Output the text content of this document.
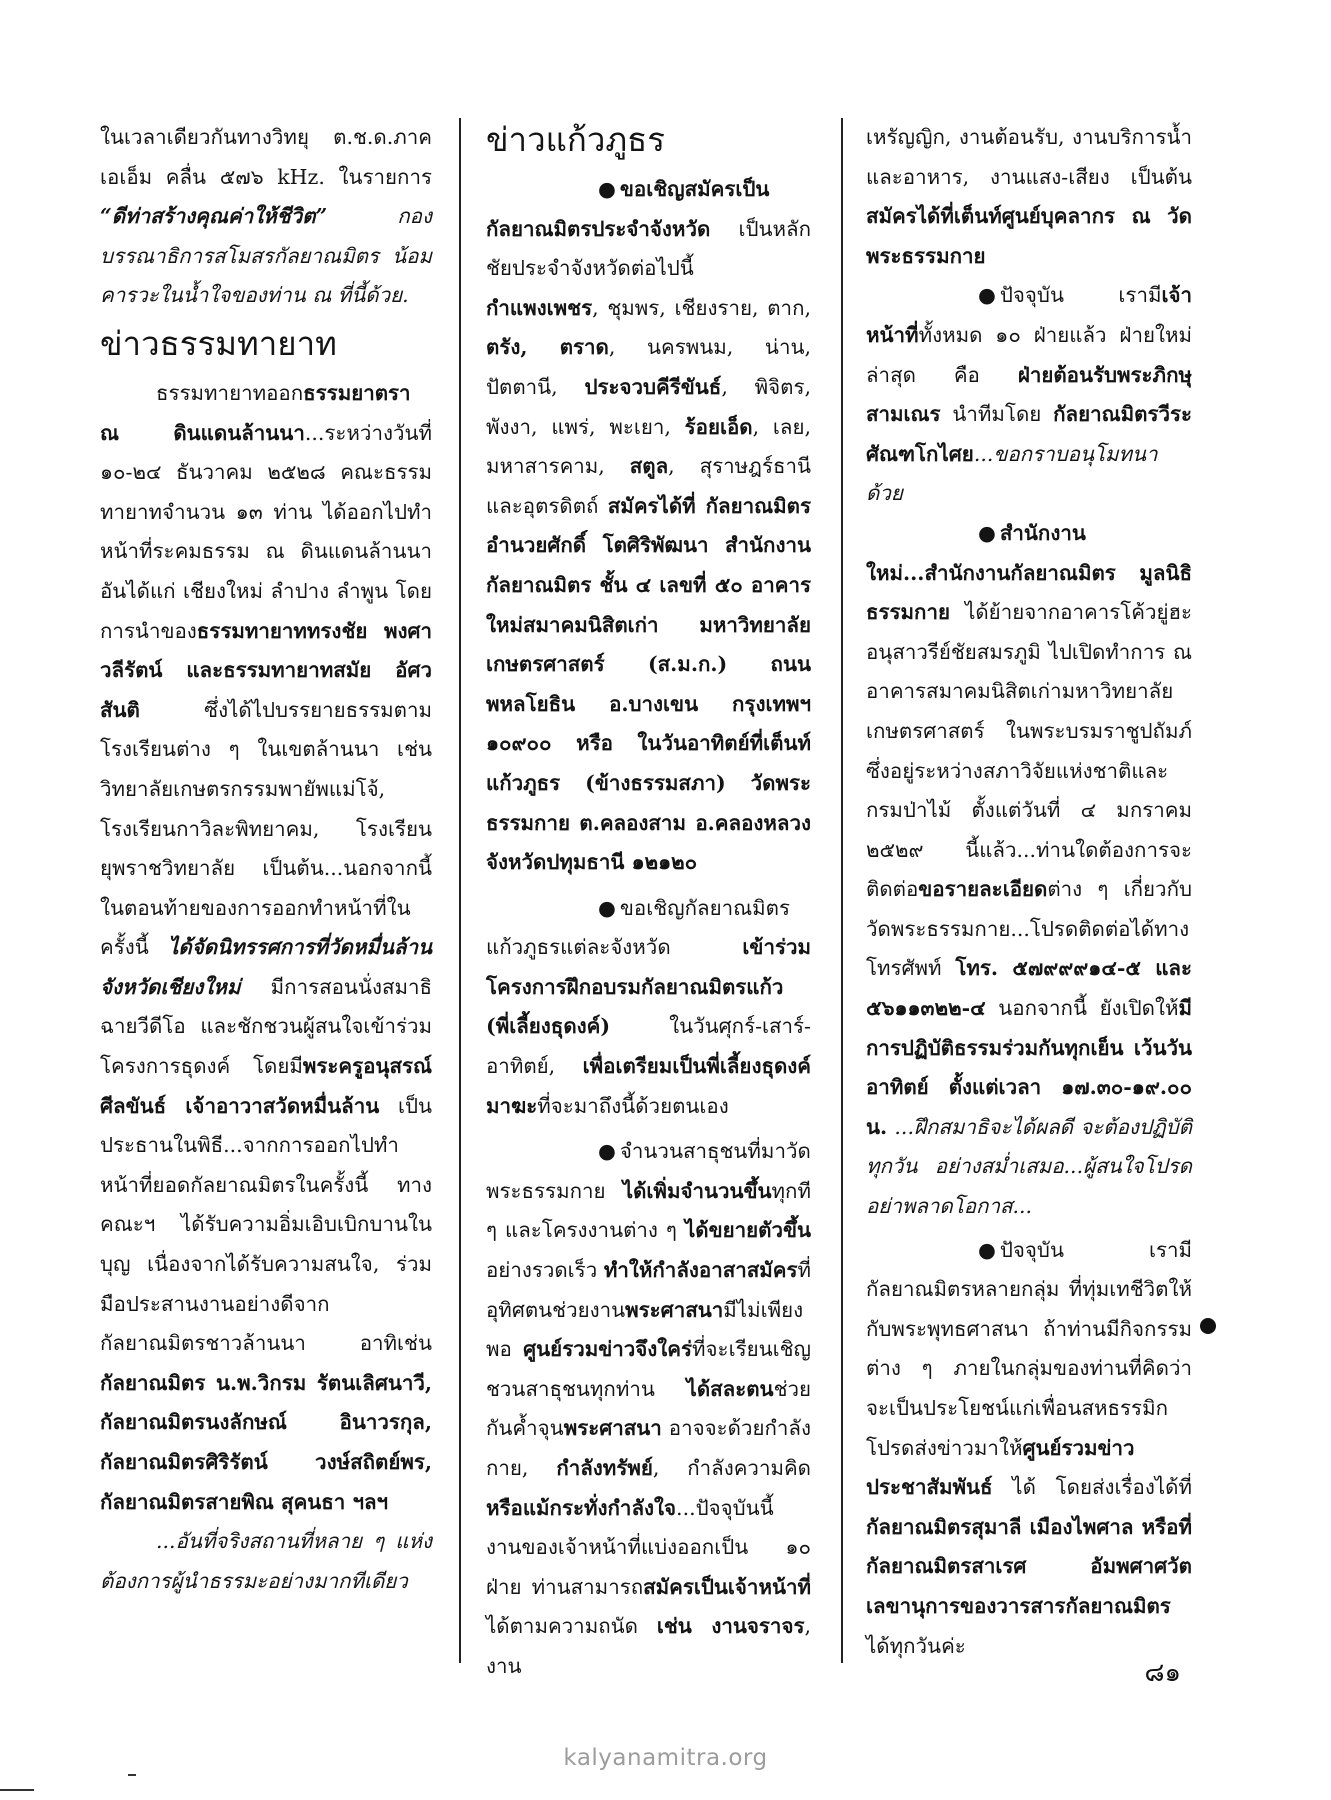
ในเวลาเดียวกันทางวิทยุ ต.ช.ด.ภาค เอเอ็ม คลื่น ๕๗๖ kHz. ในรายการ “ดีท่าสร้างคุณค่าให้ชีวิต” กองบรรณาธิการสโมสรกัลยาณมิตร น้อมคารวะในน้ำใจของท่าน ณ ที่นี้ด้วย.

ข่าวธรรมทายาท

ธรรมทายาทออกธรรมยาตรา ณ ดินแดนล้านนา...ระหว่างวันที่ ๑๐-๒๔ ธันวาคม ๒๕๒๘ คณะธรรมทายาทจำนวน ๑๓ ท่าน ได้ออกไปทำหน้าที่ระคมธรรม ณ ดินแดนล้านนา อันได้แก่ เชียงใหม่ ลำปาง ลำพูน โดยการนำของธรรมทายาททรงชัย พงศาวลีรัตน์ และธรรมทายาทสมัย อัศวสันติ ซึ่งได้ไปบรรยายธรรมตามโรงเรียนต่าง ๆ ในเขตล้านนา เช่น วิทยาลัยเกษตรกรรมพายัพแม่โจ้, โรงเรียนกาวิละพิทยาคม, โรงเรียนยุพราชวิทยาลัย เป็นต้น...นอกจากนี้ในตอนท้ายของการออกทำหน้าที่ในครั้งนี้ ได้จัดนิทรรศการที่วัดหมื่นล้าน จังหวัดเชียงใหม่ มีการสอนนั่งสมาธิ ฉายวีดีโอ และชักชวนผู้สนใจเข้าร่วมโครงการธุดงค์ โดยมีพระครูอนุสรณ์ศีลขันธ์ เจ้าอาวาสวัดหมื่นล้าน เป็นประธานในพิธี...จากการออกไปทำหน้าที่ยอดกัลยาณมิตรในครั้งนี้ ทางคณะฯ ได้รับความอิ่มเอิบเบิกบานในบุญ เนื่องจากได้รับความสนใจ, ร่วมมือประสานงานอย่างดีจากกัลยาณมิตรชาวล้านนา อาทิเช่น กัลยาณมิตร น.พ.วิกรม รัตนเลิศนาวี, กัลยาณมิตรนงลักษณ์ อินาวรกุล, กัลยาณมิตรศิริรัตน์ วงษ์สถิตย์พร, กัลยาณมิตรสายพิณ สุคนธา ฯลฯ

...อันที่จริงสถานที่หลาย ๆ แห่ง ต้องการผู้นำธรรมะอย่างมากทีเดียว

ข่าวแก้วภูธร

● ขอเชิญสมัครเป็นกัลยาณมิตรประจำจังหวัด เป็นหลักชัยประจำจังหวัดต่อไปนี้ กำแพงเพชร, ชุมพร, เชียงราย, ตาก, ตรัง, ตราด, นครพนม, น่าน, ปัตตานี, ประจวบคีรีขันธ์, พิจิตร, พังงา, แพร่, พะเยา, ร้อยเอ็ด, เลย, มหาสารคาม, สตูล, สุราษฎร์ธานี และอุตรดิตถ์ สมัครได้ที่ กัลยาณมิตรอำนวยศักดิ์ โตศิริพัฒนา สำนักงานกัลยาณมิตร ชั้น ๔ เลขที่ ๕๐ อาคารใหม่สมาคมนิสิตเก่า มหาวิทยาลัยเกษตรศาสตร์ (ส.ม.ก.) ถนนพหลโยธิน อ.บางเขน กรุงเทพฯ ๑๐๙๐๐ หรือ ในวันอาทิตย์ที่เต็นท์แก้วภูธร (ข้างธรรมสภา) วัดพระธรรมกาย ต.คลองสาม อ.คลองหลวง จังหวัดปทุมธานี ๑๒๑๒๐

● ขอเชิญกัลยาณมิตรแก้วภูธรแต่ละจังหวัด เข้าร่วมโครงการฝึกอบรมกัลยาณมิตรแก้ว (พี่เลี้ยงธุดงค์) ในวันศุกร์-เสาร์-อาทิตย์, เพื่อเตรียมเป็นพี่เลี้ยงธุดงค์มาฆะที่จะมาถึงนี้ด้วยตนเอง

● จำนวนสาธุชนที่มาวัดพระธรรมกาย ได้เพิ่มจำนวนขึ้นทุกที ๆ และโครงงานต่าง ๆ ได้ขยายตัวขึ้นอย่างรวดเร็ว ทำให้กำลังอาสาสมัครที่อุทิศตนช่วยงานพระศาสนามีไม่เพียงพอ ศูนย์รวมข่าวจึงใคร่ที่จะเรียนเชิญชวนสาธุชนทุกท่าน ได้สละตนช่วยกันค้ำจุนพระศาสนา อาจจะด้วยกำลังกาย, กำลังทรัพย์, กำลังความคิด หรือแม้กระทั่งกำลังใจ...ปัจจุบันนี้ งานของเจ้าหน้าที่แบ่งออกเป็น ๑๐ ฝ่าย ท่านสามารถสมัครเป็นเจ้าหน้าที่ได้ตามความถนัด เช่น งานจราจร, งาน

เหรัญญิก, งานต้อนรับ, งานบริการน้ำและอาหาร, งานแสง-เสียง เป็นต้น สมัครได้ที่เต็นท์ศูนย์บุคลากร ณ วัดพระธรรมกาย

● ปัจจุบัน เรามีเจ้าหน้าที่ทั้งหมด ๑๐ ฝ่ายแล้ว ฝ่ายใหม่ล่าสุด คือ ฝ่ายต้อนรับพระภิกษุสามเณร นำทีมโดย กัลยาณมิตรวีระ ศัณฑโกไศย...ขอกราบอนุโมทนาด้วย

● สำนักงานใหม่...สำนักงานกัลยาณมิตร มูลนิธิธรรมกาย ได้ย้ายจากอาคารโค้วยู่ฮะ อนุสาวรีย์ชัยสมรภูมิ ไปเปิดทำการ ณ อาคารสมาคมนิสิตเก่ามหาวิทยาลัยเกษตรศาสตร์ ในพระบรมราชูปถัมภ์ ซึ่งอยู่ระหว่างสภาวิจัยแห่งชาติและกรมป่าไม้ ตั้งแต่วันที่ ๔ มกราคม ๒๕๒๙ นี้แล้ว...ท่านใดต้องการจะติดต่อขอรายละเอียดต่าง ๆ เกี่ยวกับวัดพระธรรมกาย...โปรดติดต่อได้ทางโทรศัพท์ โทร. ๕๗๙๙๙๑๔-๕ และ ๕๖๑๑๓๒๒-๔ นอกจากนี้ ยังเปิดให้มีการปฏิบัติธรรมร่วมกันทุกเย็น เว้นวันอาทิตย์ ตั้งแต่เวลา ๑๗.๓๐-๑๙.๐๐ น. ...ฝึกสมาธิจะได้ผลดี จะต้องปฏิบัติทุกวัน อย่างสม่ำเสมอ...ผู้สนใจโปรดอย่าพลาดโอกาส...

● ปัจจุบัน เรามีกัลยาณมิตรหลายกลุ่ม ที่ทุ่มเทชีวิตให้กับพระพุทธศาสนา ถ้าท่านมีกิจกรรมต่าง ๆ ภายในกลุ่มของท่านที่คิดว่า จะเป็นประโยชน์แก่เพื่อนสหธรรมิก โปรดส่งข่าวมาให้ศูนย์รวมข่าวประชาสัมพันธ์ ได้ โดยส่งเรื่องได้ที่ กัลยาณมิตรสุมาลี เมืองไพศาล หรือที่ กัลยาณมิตรสาเรศ อัมพศาศวัต เลขานุการของวารสารกัลยาณมิตร ได้ทุกวันค่ะ

๘๑
kalyanamitra.org
